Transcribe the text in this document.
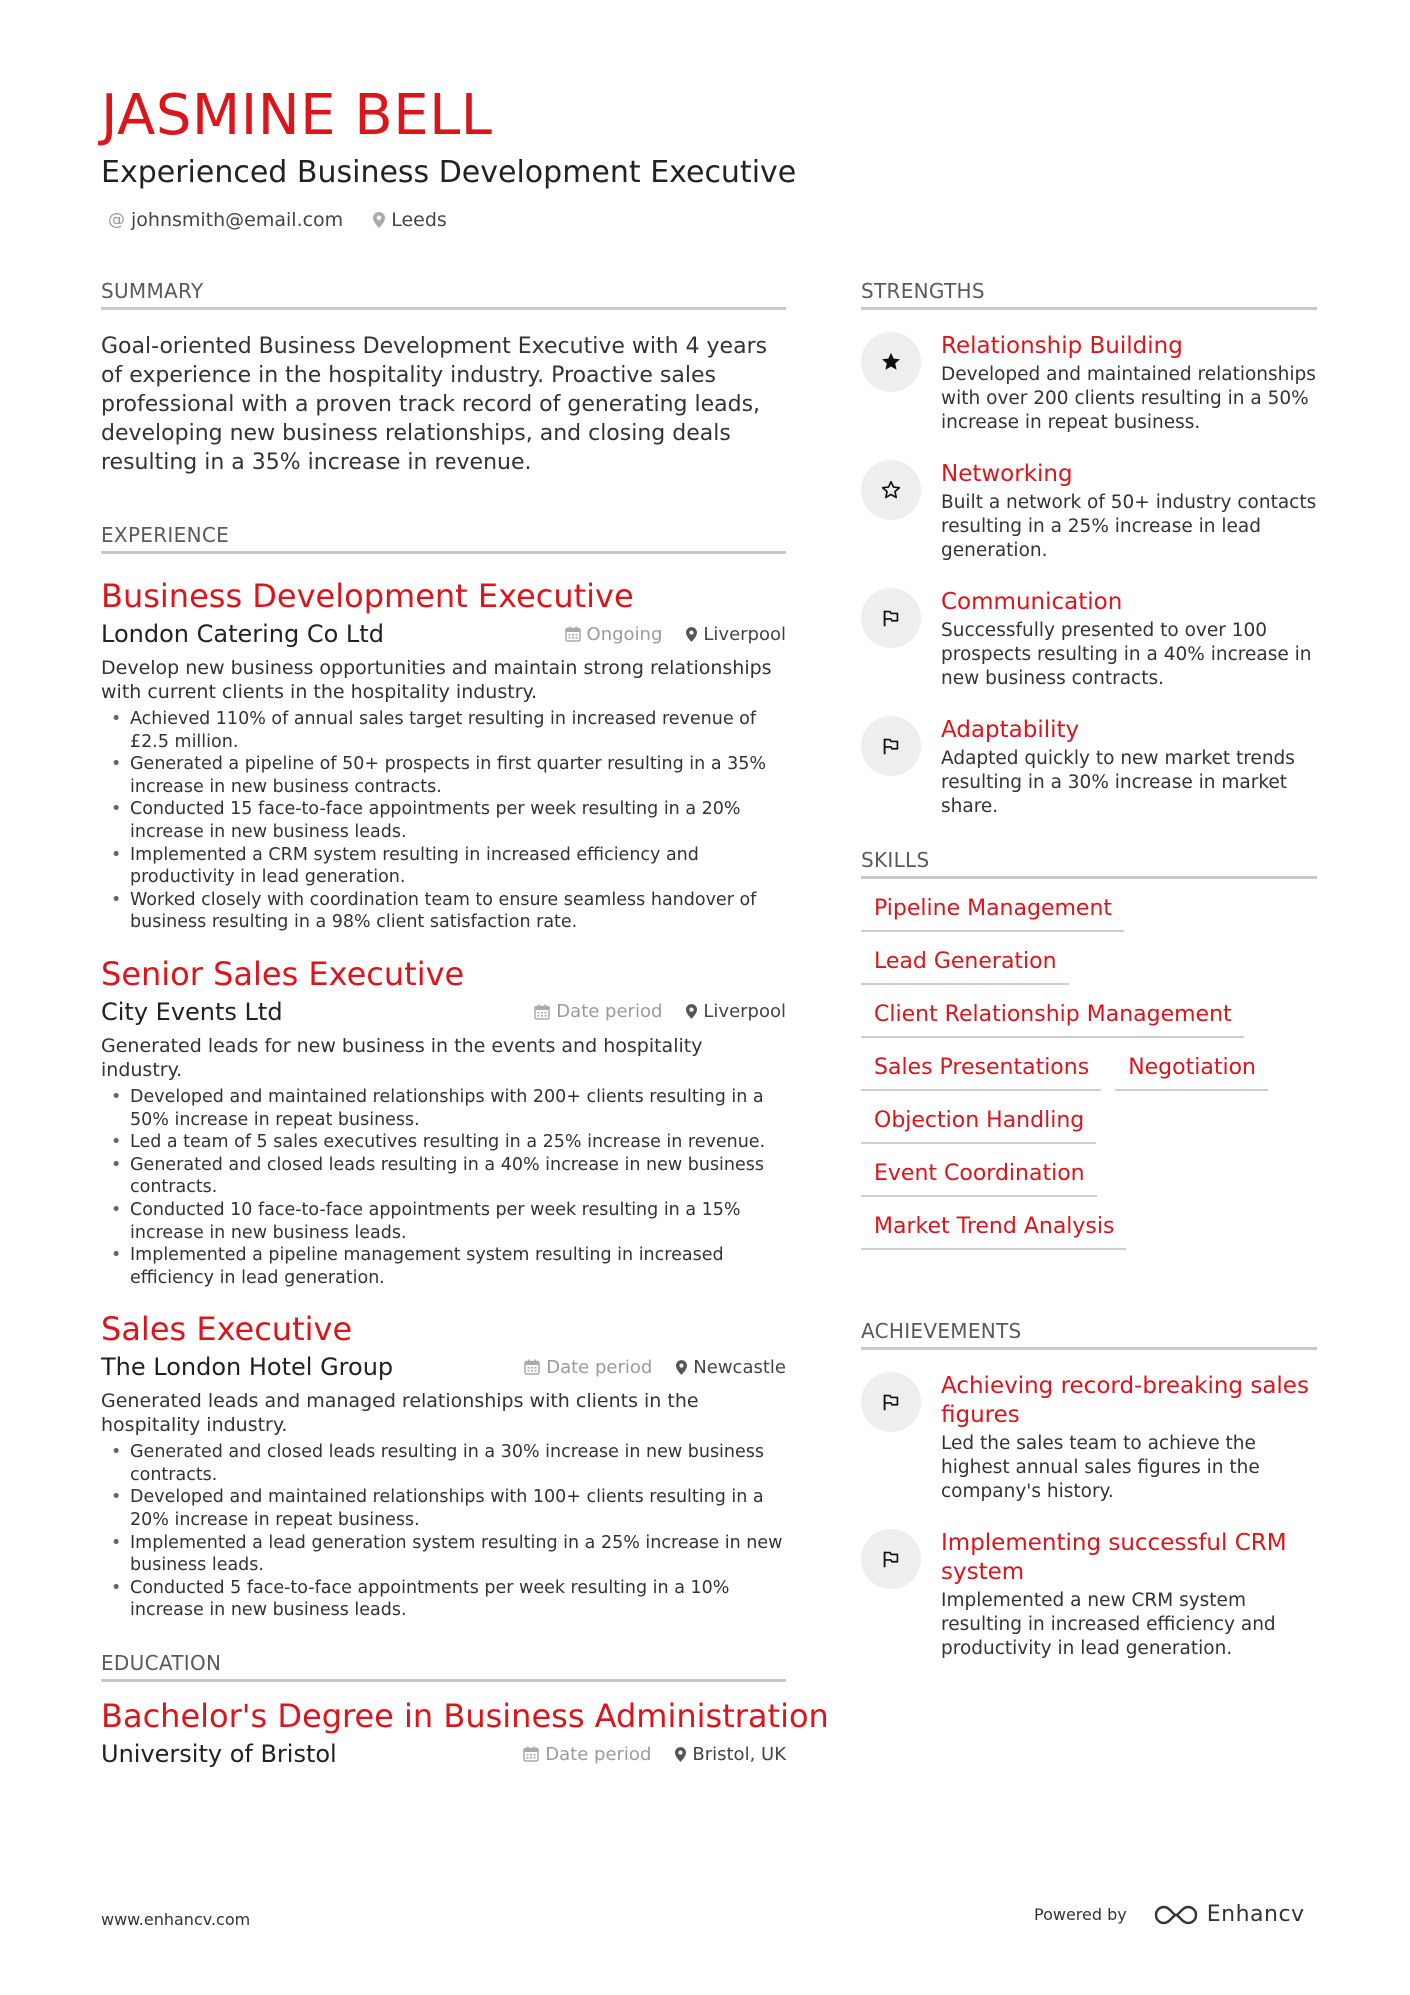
JASMINE BELL
Experienced Business Development Executive
@ johnsmith@email.com	Leeds
SUMMARY

Goal-oriented Business Development Executive with 4 years of experience in the hospitality industry. Proactive sales professional with a proven track record of generating leads, developing new business relationships, and closing deals resulting in a 35% increase in revenue.

EXPERIENCE
Business Development Executive
London Catering Co Ltd	Ongoing Liverpool
Develop new business opportunities and maintain strong relationships with current clients in the hospitality industry.
• Achieved 110% of annual sales target resulting in increased revenue of £2.5 million.
• Generated a pipeline of 50+ prospects in first quarter resulting in a 35% increase in new business contracts.
• Conducted 15 face-to-face appointments per week resulting in a 20% increase in new business leads.
• Implemented a CRM system resulting in increased efficiency and productivity in lead generation.
• Worked closely with coordination team to ensure seamless handover of business resulting in a 98% client satisfaction rate.
Senior Sales Executive
City Events Ltd	Date period Liverpool
Generated leads for new business in the events and hospitality industry.
• Developed and maintained relationships with 200+ clients resulting in a 50% increase in repeat business.
• Led a team of 5 sales executives resulting in a 25% increase in revenue.
• Generated and closed leads resulting in a 40% increase in new business contracts.
• Conducted 10 face-to-face appointments per week resulting in a 15% increase in new business leads.
• Implemented a pipeline management system resulting in increased efficiency in lead generation.
Sales Executive
The London Hotel Group	Date period Newcastle
Generated leads and managed relationships with clients in the hospitality industry.
• Generated and closed leads resulting in a 30% increase in new business contracts.
• Developed and maintained relationships with 100+ clients resulting in a 20% increase in repeat business.
• Implemented a lead generation system resulting in a 25% increase in new business leads.
• Conducted 5 face-to-face appointments per week resulting in a 10% increase in new business leads.
EDUCATION
Bachelor's Degree in Business Administration
University of Bristol	Date period Bristol, UK
STRENGTHS
Relationship Building
Developed and maintained relationships with over 200 clients resulting in a 50% increase in repeat business.
Networking
Built a network of 50+ industry contacts resulting in a 25% increase in lead generation.
Communication
Successfully presented to over 100 prospects resulting in a 40% increase in new business contracts.
Adaptability
Adapted quickly to new market trends resulting in a 30% increase in market share.
SKILLS
Pipeline Management
Lead Generation
Client Relationship Management
Sales Presentations	Negotiation
Objection Handling
Event Coordination
Market Trend Analysis
ACHIEVEMENTS
Achieving record-breaking sales figures
Led the sales team to achieve the highest annual sales figures in the company's history.
Implementing successful CRM system
Implemented a new CRM system resulting in increased efficiency and productivity in lead generation.
www.enhancv.com	Powered by	Enhancv
